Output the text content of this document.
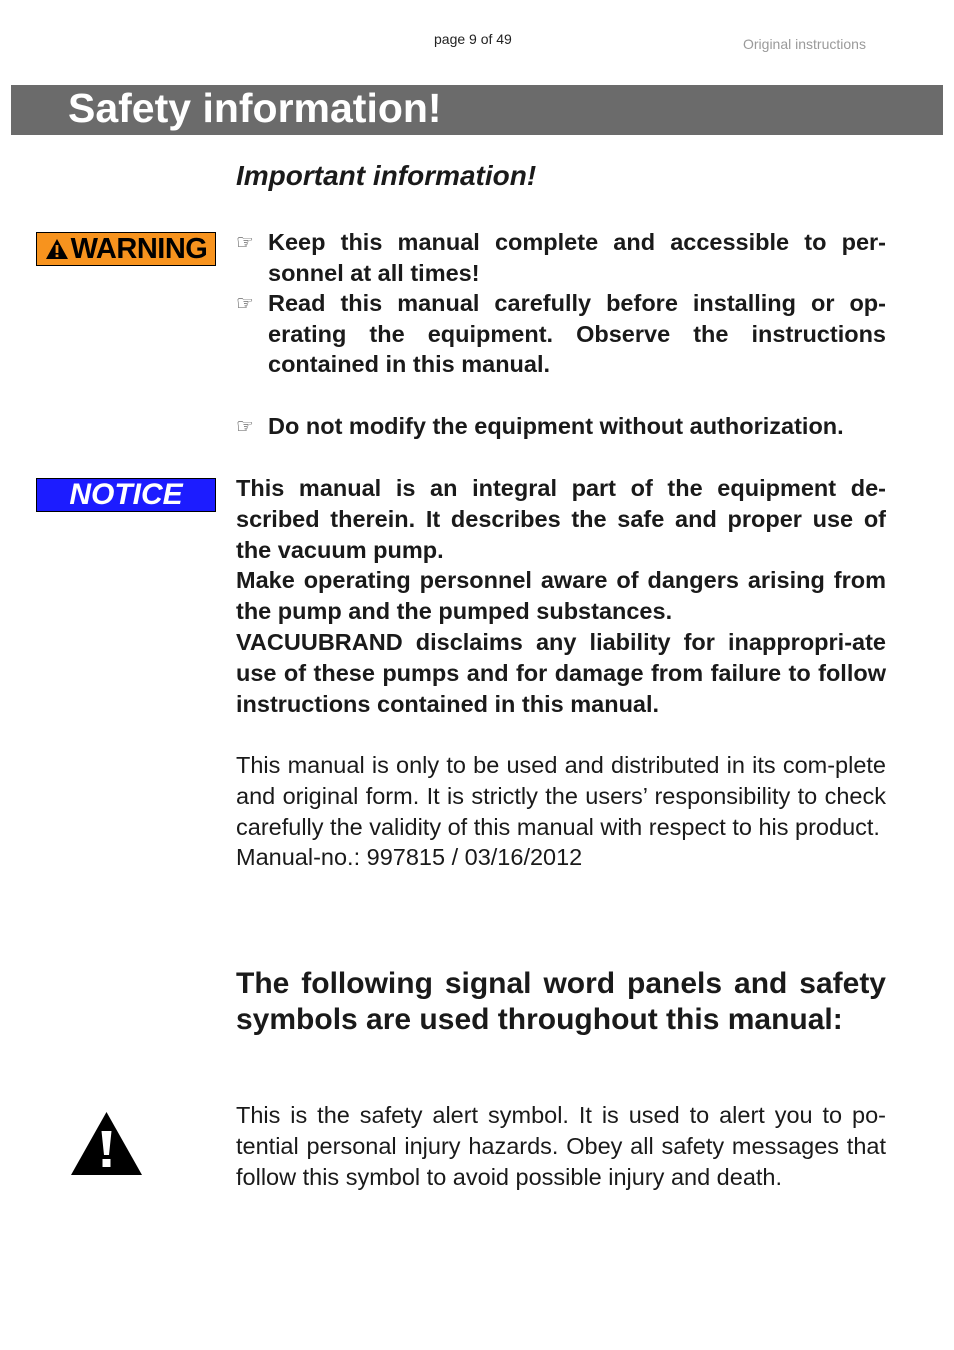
page 9 of 49	Original instructions
Safety information!
Important information!
WARNING ☞ Keep this manual complete and accessible to per-sonnel at all times!
☞ Read this manual carefully before installing or op-erating the equipment. Observe the instructions contained in this manual.
☞ Do not modify the equipment without authorization.
NOTICE This manual is an integral part of the equipment de-scribed therein. It describes the safe and proper use of the vacuum pump.

Make operating personnel aware of dangers arising from the pump and the pumped substances.

VACUUBRAND disclaims any liability for inappropri-ate use of these pumps and for damage from failure to follow instructions contained in this manual.

This manual is only to be used and distributed in its com-plete and original form. It is strictly the users’ responsibility to check carefully the validity of this manual with respect to his product.

Manual-no.: 997815 / 03/16/2012

The following signal word panels and safety symbols are used throughout this manual:

This is the safety alert symbol. It is used to alert you to po-tential personal injury hazards. Obey all safety messages that follow this symbol to avoid possible injury and death.
